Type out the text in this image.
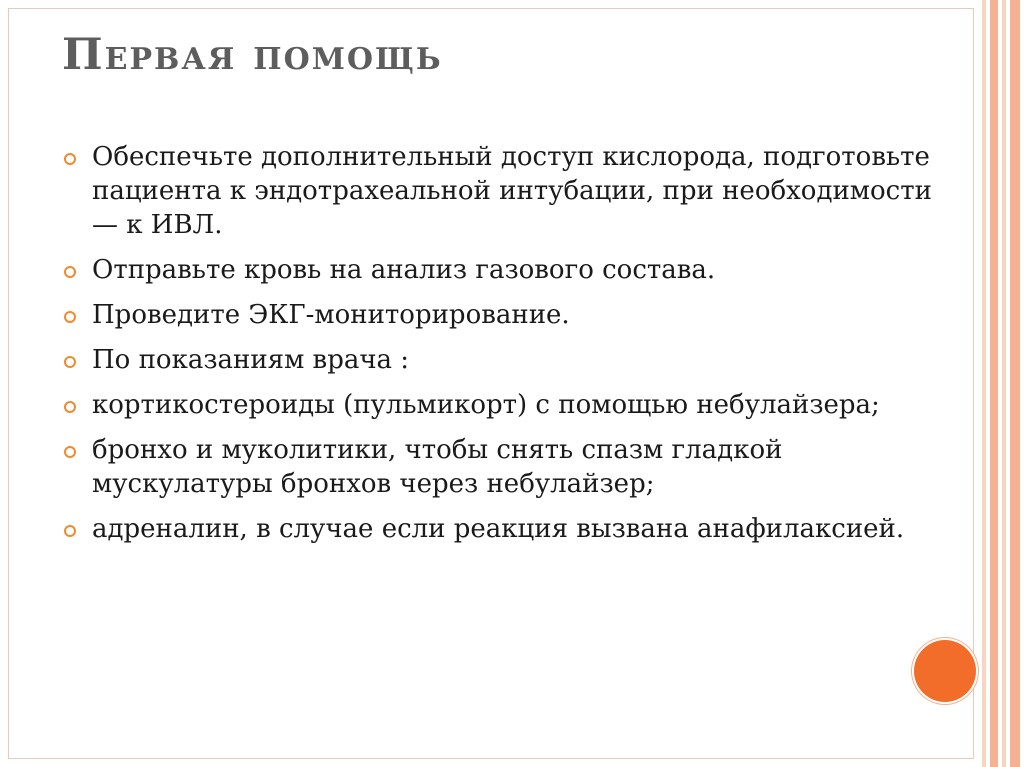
Первая помощь
Обеспечьте дополнительный доступ кислорода, подготовьте пациента к эндотрахеальной интубации, при необходимости — к ИВЛ.
Отправьте кровь на анализ газового состава.
Проведите ЭКГ-мониторирование.
По показаниям врача :
кортикостероиды (пульмикорт) с помощью небулайзера;
бронхо и муколитики, чтобы снять спазм гладкой мускулатуры бронхов через небулайзер;
адреналин, в случае если реакция вызвана анафилаксией.
